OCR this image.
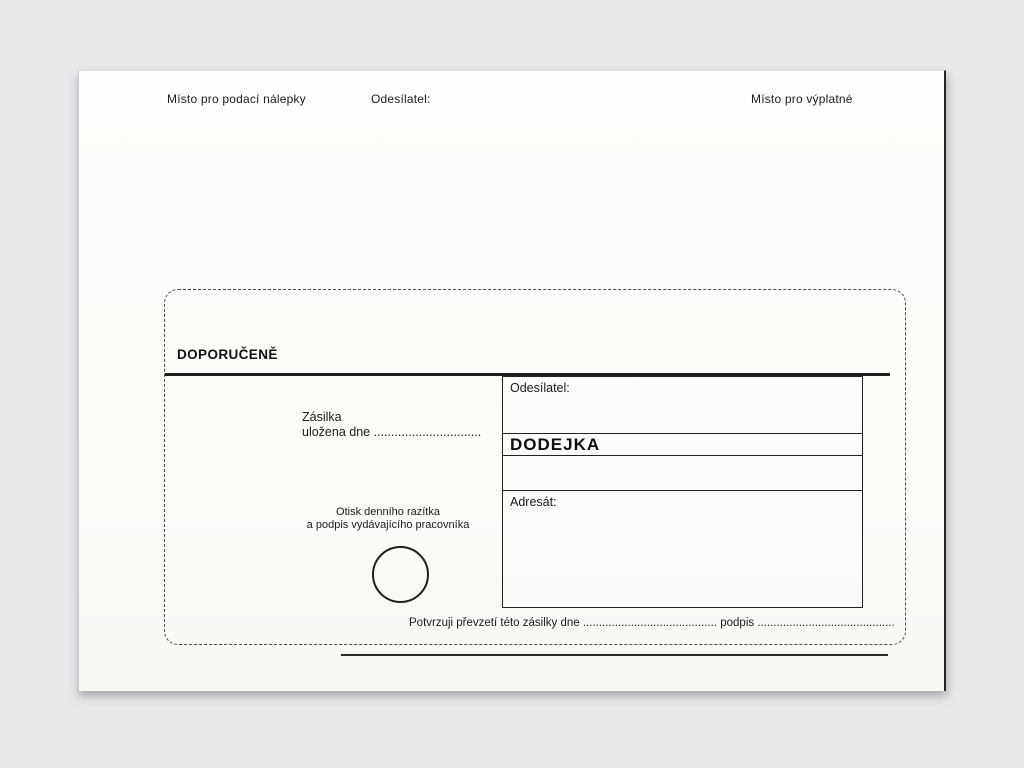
Místo pro podací nálepky	Odesílatel:	Místo pro výplatné
DOPORUČENĚ
Zásilka
uložena dne ...............................
Odesílatel:
DODEJKA
Adresát:
Otisk denního razítka
a podpis vydávajícího pracovníka
Potvrzuji převzetí této zásilky dne .......................................... podpis ...........................................
